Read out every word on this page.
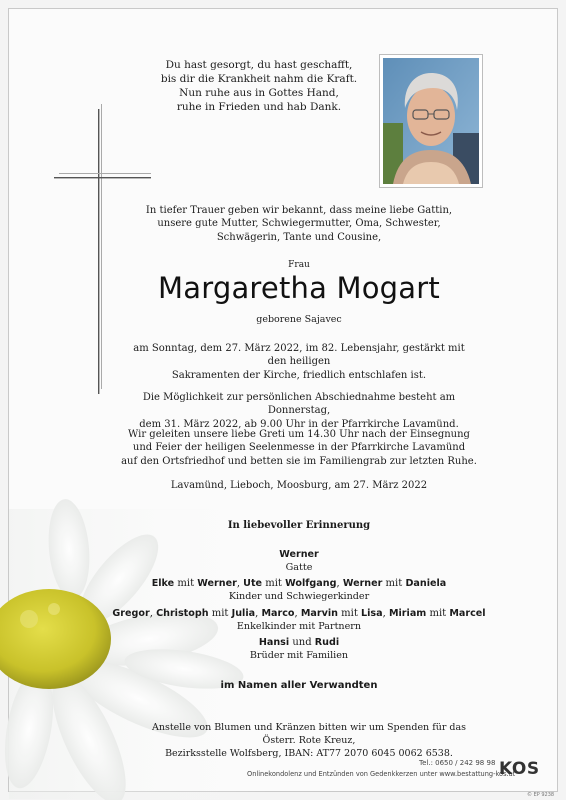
Du hast gesorgt, du hast geschafft,
bis dir die Krankheit nahm die Kraft.
Nun ruhe aus in Gottes Hand,
ruhe in Frieden und hab Dank.
In tiefer Trauer geben wir bekannt, dass meine liebe Gattin,
unsere gute Mutter, Schwiegermutter, Oma, Schwester,
Schwägerin, Tante und Cousine,
Frau
Margaretha Mogart
geborene Sajavec
am Sonntag, dem 27. März 2022, im 82. Lebensjahr, gestärkt mit den heiligen
Sakramenten der Kirche, friedlich entschlafen ist.
Die Möglichkeit zur persönlichen Abschiednahme besteht am Donnerstag,
dem 31. März 2022, ab 9.00 Uhr in der Pfarrkirche Lavamünd.
Wir geleiten unsere liebe Greti um 14.30 Uhr nach der Einsegnung
und Feier der heiligen Seelenmesse in der Pfarrkirche Lavamünd
auf den Ortsfriedhof und betten sie im Familiengrab zur letzten Ruhe.
Lavamünd, Lieboch, Moosburg, am 27. März 2022
In liebevoller Erinnerung
Werner
Gatte
Elke mit Werner, Ute mit Wolfgang, Werner mit Daniela
Kinder und Schwiegerkinder
Gregor, Christoph mit Julia, Marco, Marvin mit Lisa, Miriam mit Marcel
Enkelkinder mit Partnern
Hansi und Rudi
Brüder mit Familien
im Namen aller Verwandten
Anstelle von Blumen und Kränzen bitten wir um Spenden für das Österr. Rote Kreuz,
Bezirksstelle Wolfsberg, IBAN: AT77 2070 6045 0062 6538.
Tel.: 0650 / 242 98 98
Onlinekondolenz und Entzünden von Gedenkkerzen unter www.bestattung-kos.at
KOS
© EP 9238
